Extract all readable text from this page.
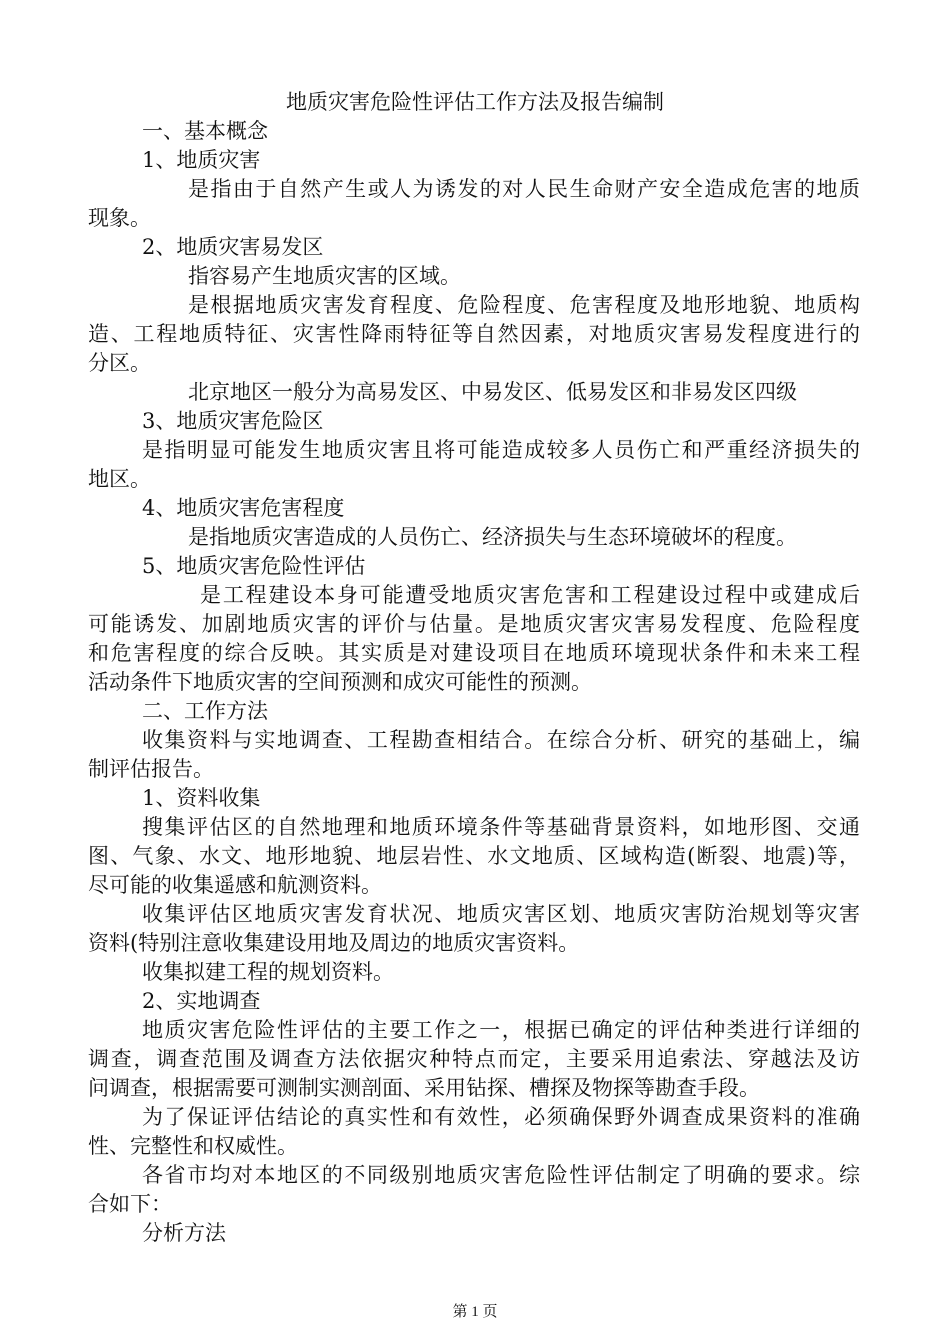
地质灾害危险性评估工作方法及报告编制
一、基本概念
1、地质灾害
是指由于自然产生或人为诱发的对人民生命财产安全造成危害的地质
现象。
2、地质灾害易发区
指容易产生地质灾害的区域。
是根据地质灾害发育程度、危险程度、危害程度及地形地貌、地质构
造、工程地质特征、灾害性降雨特征等自然因素，对地质灾害易发程度进行的
分区。
北京地区一般分为高易发区、中易发区、低易发区和非易发区四级
3、地质灾害危险区
是指明显可能发生地质灾害且将可能造成较多人员伤亡和严重经济损失的
地区。
4、地质灾害危害程度
是指地质灾害造成的人员伤亡、经济损失与生态环境破坏的程度。
5、地质灾害危险性评估
是工程建设本身可能遭受地质灾害危害和工程建设过程中或建成后
可能诱发、加剧地质灾害的评价与估量。是地质灾害灾害易发程度、危险程度
和危害程度的综合反映。其实质是对建设项目在地质环境现状条件和未来工程
活动条件下地质灾害的空间预测和成灾可能性的预测。
二、工作方法
收集资料与实地调查、工程勘查相结合。在综合分析、研究的基础上，编
制评估报告。
1、资料收集
搜集评估区的自然地理和地质环境条件等基础背景资料，如地形图、交通
图、气象、水文、地形地貌、地层岩性、水文地质、区域构造(断裂、地震)等，
尽可能的收集遥感和航测资料。
收集评估区地质灾害发育状况、地质灾害区划、地质灾害防治规划等灾害
资料(特别注意收集建设用地及周边的地质灾害资料。
收集拟建工程的规划资料。
2、实地调查
地质灾害危险性评估的主要工作之一，根据已确定的评估种类进行详细的
调查，调查范围及调查方法依据灾种特点而定，主要采用追索法、穿越法及访
问调查，根据需要可测制实测剖面、采用钻探、槽探及物探等勘查手段。
为了保证评估结论的真实性和有效性，必须确保野外调查成果资料的准确
性、完整性和权威性。
各省市均对本地区的不同级别地质灾害危险性评估制定了明确的要求。综
合如下：
分析方法
第 1 页
